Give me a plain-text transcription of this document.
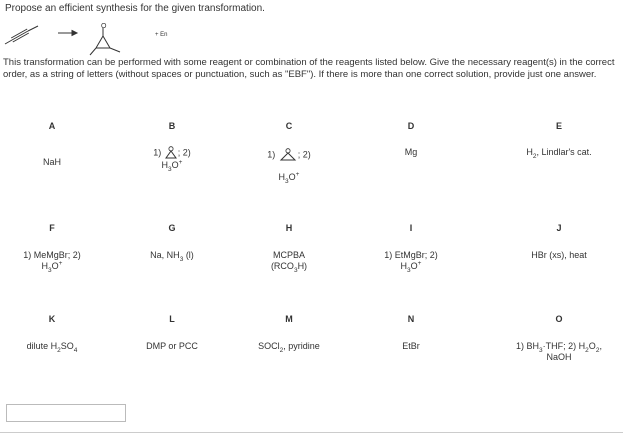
Propose an efficient synthesis for the given transformation.
O
+ En
This transformation can be performed with some reagent or combination of the reagents listed below. Give the necessary reagent(s) in the correct order, as a string of letters (without spaces or punctuation, such as "EBF"). If there is more than one correct solution, provide just one answer.
A
NaH
B
1) ; 2)
$H_3O^+$
C
1)	; 2)
$H_3O^+$
D
Mg
E
$H_2$, Lindlar's cat.
F
1) MeMgBr; 2)
$H_3O^+$
G
Na, $NH_3$ (l)
H
MCPBA
$(RCO_3H)$
I
1) EtMgBr; 2)
$H_3O^+$
J
HBr (xs), heat
K
dilute $H_2SO_4$
L
DMP or PCC
M
SOCl$_2$, pyridine
N
EtBr
O
1) $BH_3\cdot THF$; 2) $H_2O_2$,
NaOH
